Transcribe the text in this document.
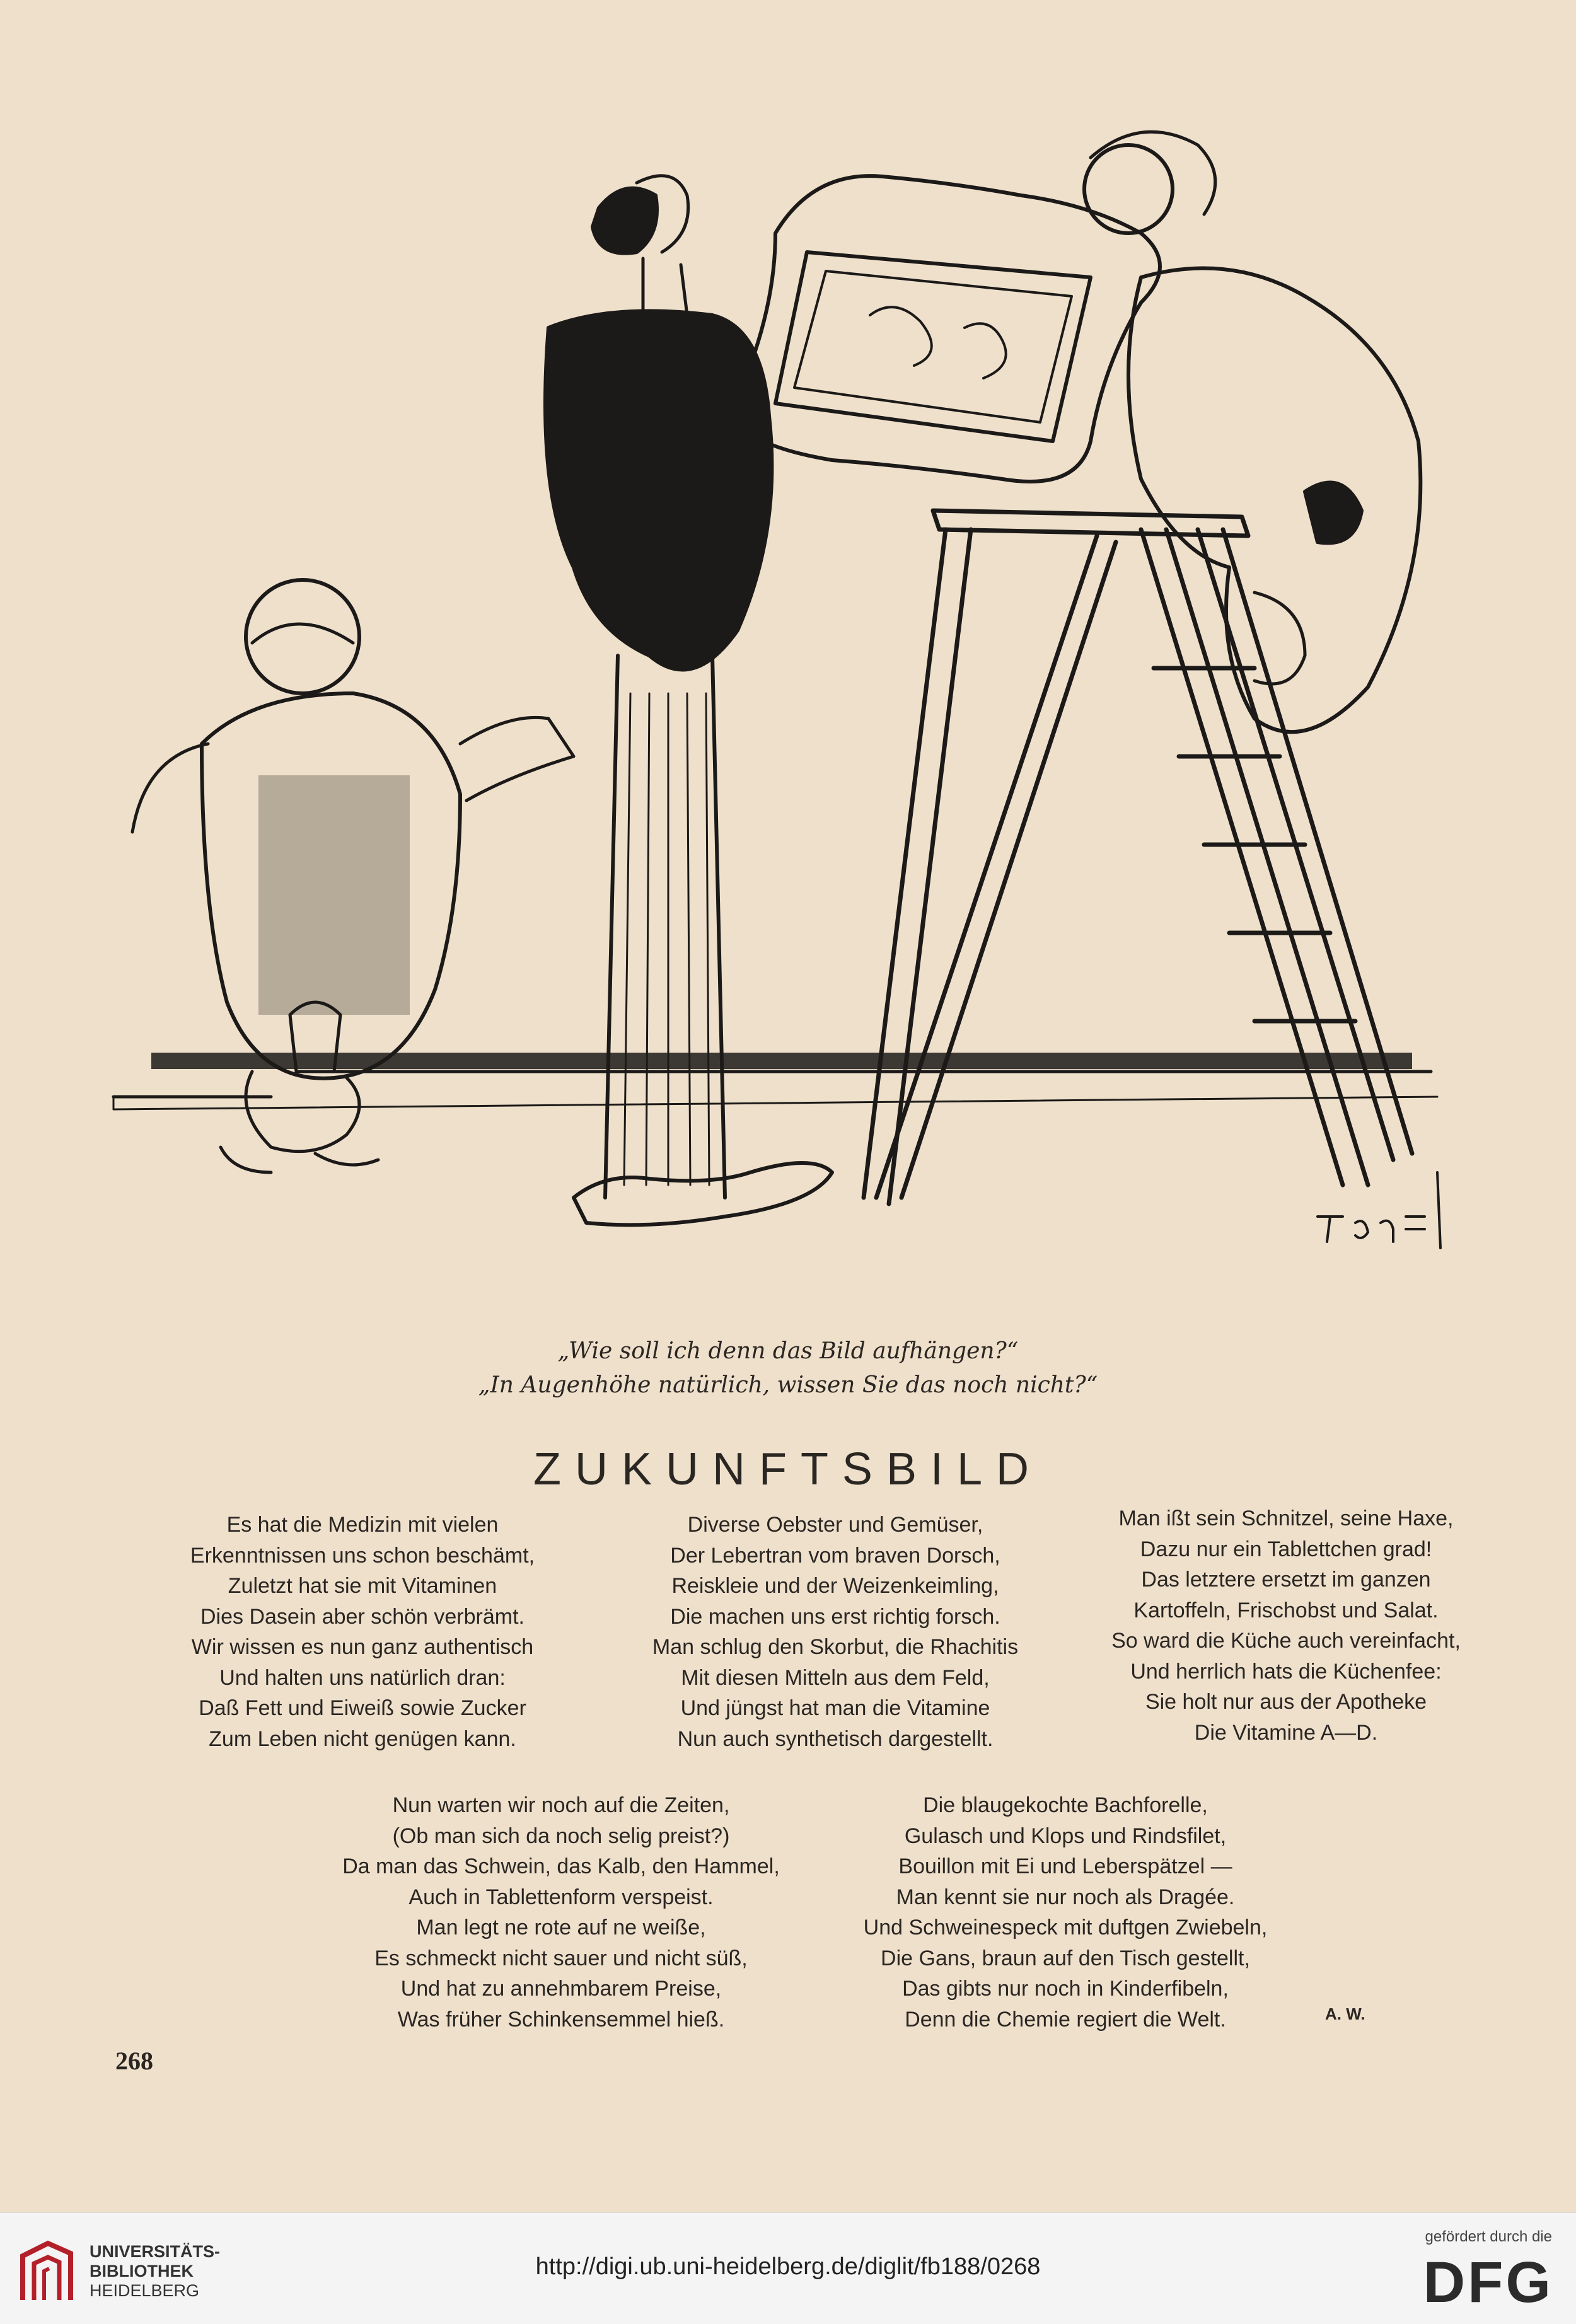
„Wie soll ich denn das Bild aufhängen?“
„In Augenhöhe natürlich, wissen Sie das noch nicht?“
ZUKUNFTSBILD
Es hat die Medizin mit vielen
Erkenntnissen uns schon beschämt,
Zuletzt hat sie mit Vitaminen
Dies Dasein aber schön verbrämt.
Wir wissen es nun ganz authentisch
Und halten uns natürlich dran:
Daß Fett und Eiweiß sowie Zucker
Zum Leben nicht genügen kann.
Diverse Oebster und Gemüser,
Der Lebertran vom braven Dorsch,
Reiskleie und der Weizenkeimling,
Die machen uns erst richtig forsch.
Man schlug den Skorbut, die Rhachitis
Mit diesen Mitteln aus dem Feld,
Und jüngst hat man die Vitamine
Nun auch synthetisch dargestellt.
Man ißt sein Schnitzel, seine Haxe,
Dazu nur ein Tablettchen grad!
Das letztere ersetzt im ganzen
Kartoffeln, Frischobst und Salat.
So ward die Küche auch vereinfacht,
Und herrlich hats die Küchenfee:
Sie holt nur aus der Apotheke
Die Vitamine A—D.
Nun warten wir noch auf die Zeiten,
(Ob man sich da noch selig preist?)
Da man das Schwein, das Kalb, den Hammel,
Auch in Tablettenform verspeist.
Man legt ne rote auf ne weiße,
Es schmeckt nicht sauer und nicht süß,
Und hat zu annehmbarem Preise,
Was früher Schinkensemmel hieß.
Die blaugekochte Bachforelle,
Gulasch und Klops und Rindsfilet,
Bouillon mit Ei und Leberspätzel —
Man kennt sie nur noch als Dragée.
Und Schweinespeck mit duftgen Zwiebeln,
Die Gans, braun auf den Tisch gestellt,
Das gibts nur noch in Kinderfibeln,
Denn die Chemie regiert die Welt.	A. W.
268
UNIVERSITÄTS-
BIBLIOTHEK
HEIDELBERG
http://digi.ub.uni-heidelberg.de/diglit/fb188/0268
gefördert durch die
DFG
